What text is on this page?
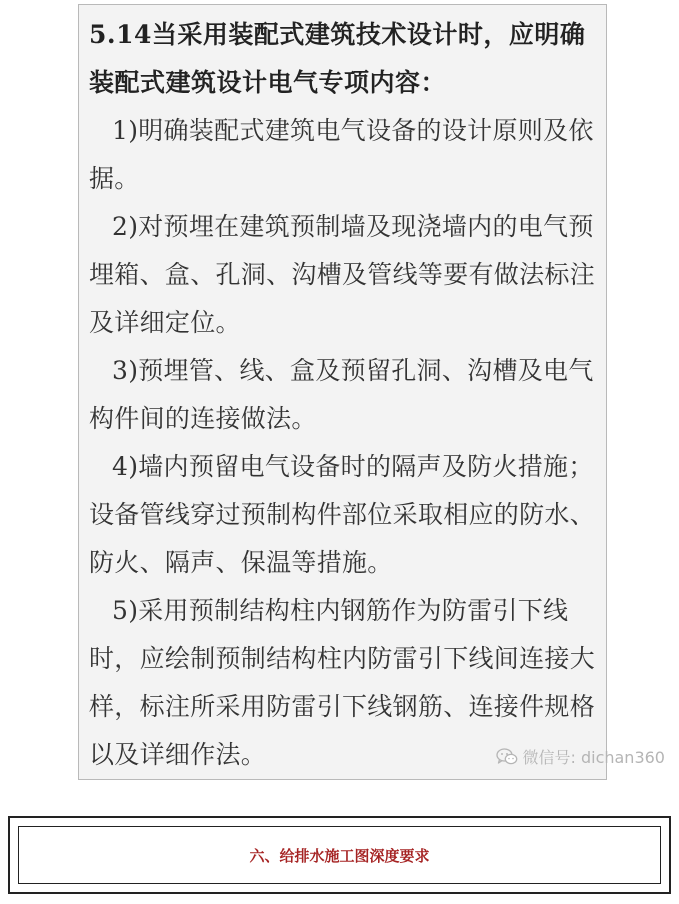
5.14当采用装配式建筑技术设计时，应明确装配式建筑设计电气专项内容：

1)明确装配式建筑电气设备的设计原则及依据。

2)对预埋在建筑预制墙及现浇墙内的电气预埋箱、盒、孔洞、沟槽及管线等要有做法标注及详细定位。

3)预埋管、线、盒及预留孔洞、沟槽及电气构件间的连接做法。

4)墙内预留电气设备时的隔声及防火措施；设备管线穿过预制构件部位采取相应的防水、防火、隔声、保温等措施。

5)采用预制结构柱内钢筋作为防雷引下线时，应绘制预制结构柱内防雷引下线间连接大样，标注所采用防雷引下线钢筋、连接件规格以及详细作法。	微信号: dichan360
六、给排水施工图深度要求
